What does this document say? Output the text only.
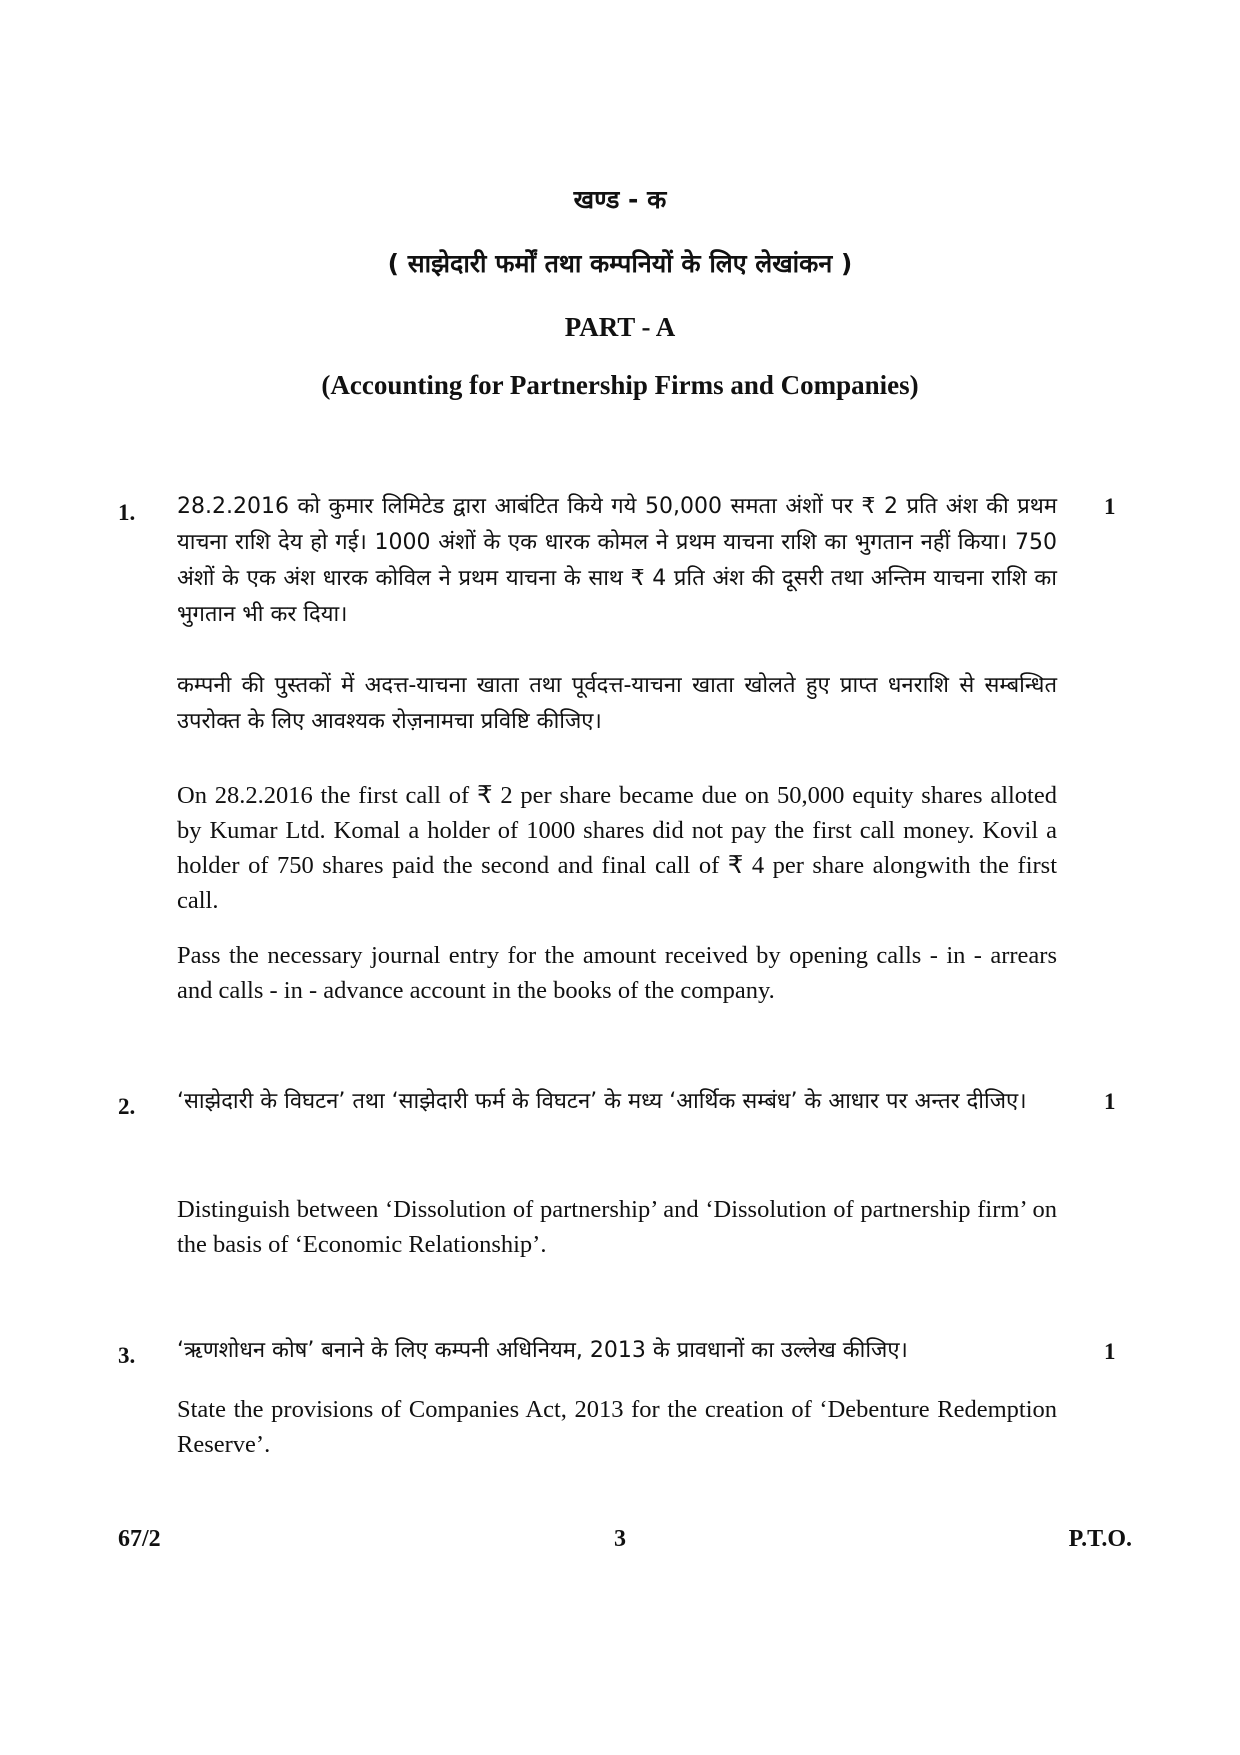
खण्ड - क
( साझेदारी फर्मों तथा कम्पनियों के लिए लेखांकन )
PART - A
(Accounting for Partnership Firms and Companies)
1.	1
28.2.2016 को कुमार लिमिटेड द्वारा आबंटित किये गये 50,000 समता अंशों पर ₹ 2 प्रति अंश की प्रथम याचना राशि देय हो गई। 1000 अंशों के एक धारक कोमल ने प्रथम याचना राशि का भुगतान नहीं किया। 750 अंशों के एक अंश धारक कोविल ने प्रथम याचना के साथ ₹ 4 प्रति अंश की दूसरी तथा अन्तिम याचना राशि का भुगतान भी कर दिया।
कम्पनी की पुस्तकों में अदत्त-याचना खाता तथा पूर्वदत्त-याचना खाता खोलते हुए प्राप्त धनराशि से सम्बन्धित उपरोक्त के लिए आवश्यक रोज़नामचा प्रविष्टि कीजिए।
On 28.2.2016 the first call of ₹ 2 per share became due on 50,000 equity shares alloted by Kumar Ltd. Komal a holder of 1000 shares did not pay the first call money. Kovil a holder of 750 shares paid the second and final call of ₹ 4 per share alongwith the first call.
Pass the necessary journal entry for the amount received by opening calls - in - arrears and calls - in - advance account in the books of the company.
2.	1
‘साझेदारी के विघटन’ तथा ‘साझेदारी फर्म के विघटन’ के मध्य ‘आर्थिक सम्बंध’ के आधार पर अन्तर दीजिए।
Distinguish between ‘Dissolution of partnership’ and ‘Dissolution of partnership firm’ on the basis of ‘Economic Relationship’.
3.	1
‘ऋणशोधन कोष’ बनाने के लिए कम्पनी अधिनियम, 2013 के प्रावधानों का उल्लेख कीजिए।
State the provisions of Companies Act, 2013 for the creation of ‘Debenture Redemption Reserve’.
67/2	3	P.T.O.
